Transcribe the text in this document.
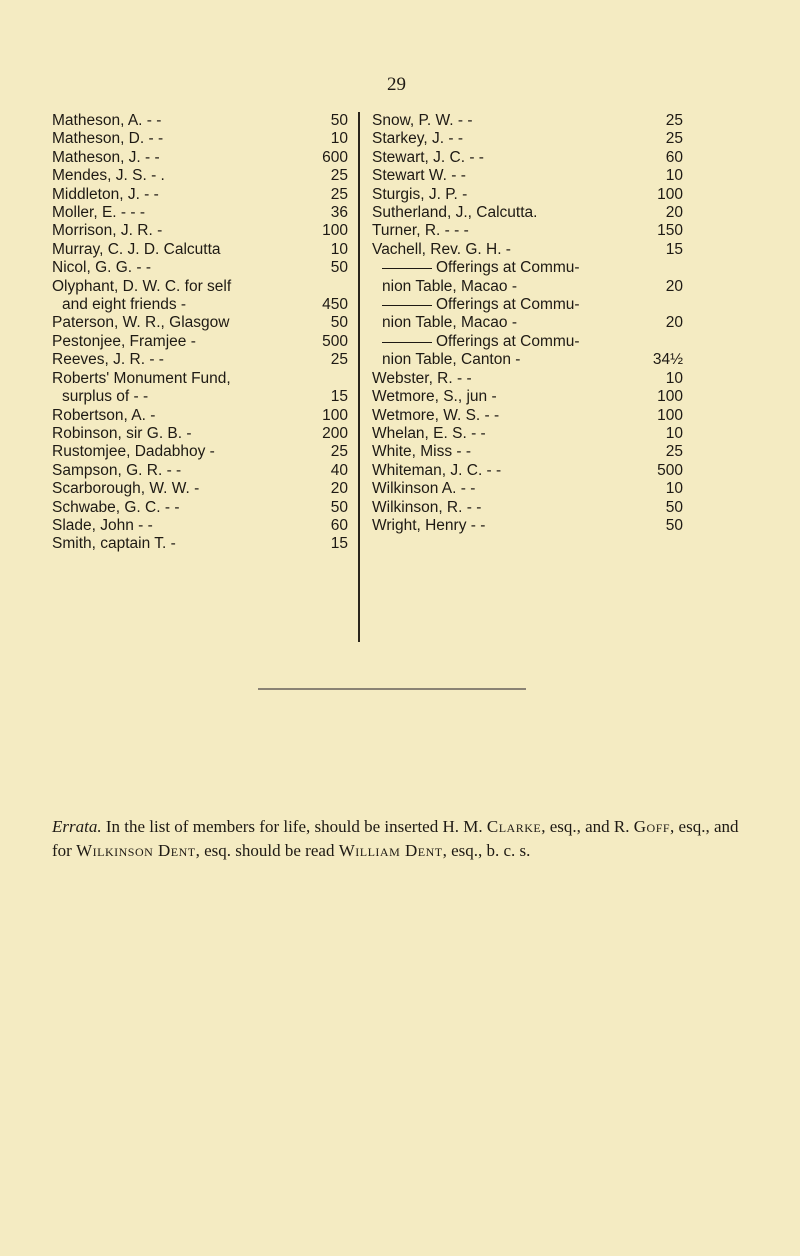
29
Matheson, A. - -	50
Matheson, D. - -	10
Matheson, J. - -	600
Mendes, J. S. - .	25
Middleton, J. - -	25
Moller, E. - - -	36
Morrison, J. R. -	100
Murray, C. J. D. Calcutta	10
Nicol, G. G. - -	50
Olyphant, D. W. C. for self
and eight friends -	450
Paterson, W. R., Glasgow	50
Pestonjee, Framjee -	500
Reeves, J. R. - -	25
Roberts' Monument Fund,
surplus of - -	15
Robertson, A. -	100
Robinson, sir G. B. -	200
Rustomjee, Dadabhoy -	25
Sampson, G. R. - -	40
Scarborough, W. W. -	20
Schwabe, G. C. - -	50
Slade, John - -	60
Smith, captain T. -	15
Snow, P. W. - -	25
Starkey, J. - -	25
Stewart, J. C. - -	60
Stewart W. - -	10
Sturgis, J. P. -	100
Sutherland, J., Calcutta.	20
Turner, R. - - -	150
Vachell, Rev. G. H. -	15
Offerings at Commu-
nion Table, Macao -	20
Offerings at Commu-
nion Table, Macao -	20
Offerings at Commu-
nion Table, Canton -	34½
Webster, R. - -	10
Wetmore, S., jun -	100
Wetmore, W. S. - -	100
Whelan, E. S. - -	10
White, Miss - -	25
Whiteman, J. C. - -	500
Wilkinson A. - -	10
Wilkinson, R. - -	50
Wright, Henry - -	50
Errata. In the list of members for life, should be inserted H. M. Clarke, esq., and R. Goff, esq., and for Wilkinson Dent, esq. should be read William Dent, esq., b. c. s.
